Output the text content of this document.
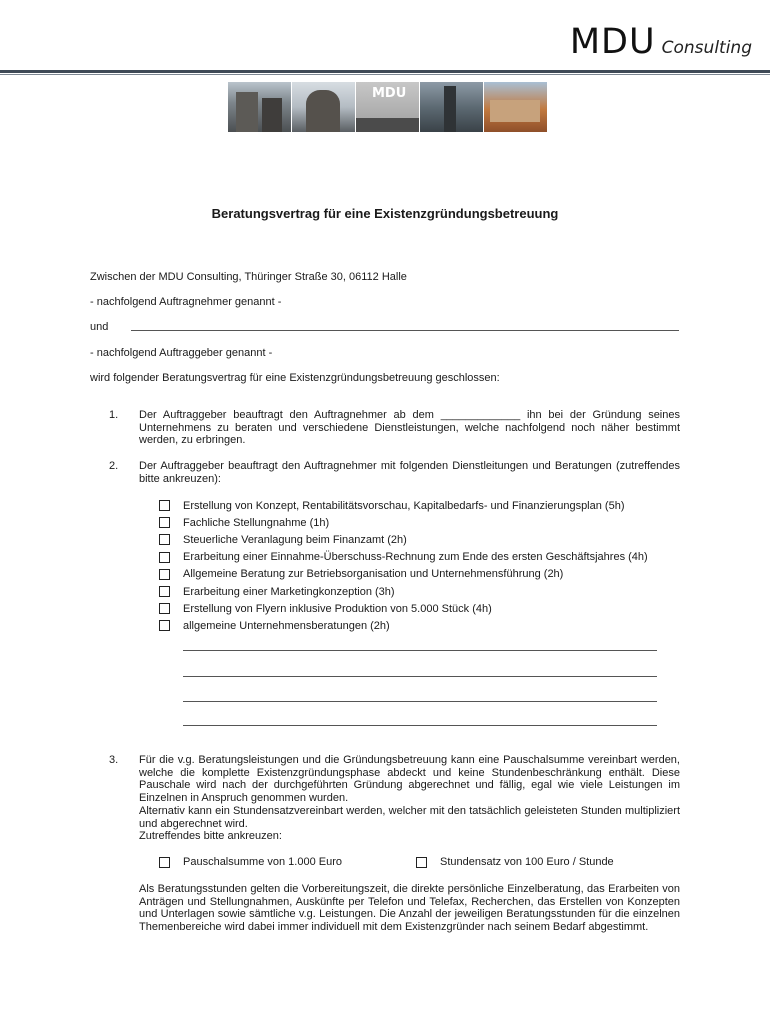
MDU Consulting
MDU
Beratungsvertrag für eine Existenzgründungsbetreuung
Zwischen der MDU Consulting, Thüringer Straße 30, 06112 Halle
- nachfolgend Auftragnehmer genannt -
und
- nachfolgend Auftraggeber genannt -
wird folgender Beratungsvertrag für eine Existenzgründungsbetreuung geschlossen:
1. Der Auftraggeber beauftragt den Auftragnehmer ab dem _____________ ihn bei der Gründung seines Unternehmens zu beraten und verschiedene Dienstleistungen, welche nachfolgend noch näher bestimmt werden, zu erbringen.
2. Der Auftraggeber beauftragt den Auftragnehmer mit folgenden Dienstleitungen und Beratungen (zutreffendes bitte ankreuzen):
Erstellung von Konzept, Rentabilitätsvorschau, Kapitalbedarfs- und Finanzierungsplan (5h)
Fachliche Stellungnahme (1h)
Steuerliche Veranlagung beim Finanzamt (2h)
Erarbeitung einer Einnahme-Überschuss-Rechnung zum Ende des ersten Geschäftsjahres (4h)
Allgemeine Beratung zur Betriebsorganisation und Unternehmensführung (2h)
Erarbeitung einer Marketingkonzeption (3h)
Erstellung von Flyern inklusive Produktion von 5.000 Stück (4h)
allgemeine Unternehmensberatungen (2h)
3. Für die v.g. Beratungsleistungen und die Gründungsbetreuung kann eine Pauschalsumme vereinbart werden, welche die komplette Existenzgründungsphase abdeckt und keine Stundenbeschränkung enthält. Diese Pauschale wird nach der durchgeführten Gründung abgerechnet und fällig, egal wie viele Leistungen im Einzelnen in Anspruch genommen wurden.
Alternativ kann ein Stundensatzvereinbart werden, welcher mit den tatsächlich geleisteten Stunden multipliziert und abgerechnet wird.
Zutreffendes bitte ankreuzen:
Pauschalsumme von 1.000 Euro	Stundensatz von 100 Euro / Stunde
Als Beratungsstunden gelten die Vorbereitungszeit, die direkte persönliche Einzelberatung, das Erarbeiten von Anträgen und Stellungnahmen, Auskünfte per Telefon und Telefax, Recherchen, das Erstellen von Konzepten und Unterlagen sowie sämtliche v.g. Leistungen. Die Anzahl der jeweiligen Beratungsstunden für die einzelnen Themenbereiche wird dabei immer individuell mit dem Existenzgründer nach seinem Bedarf abgestimmt.
